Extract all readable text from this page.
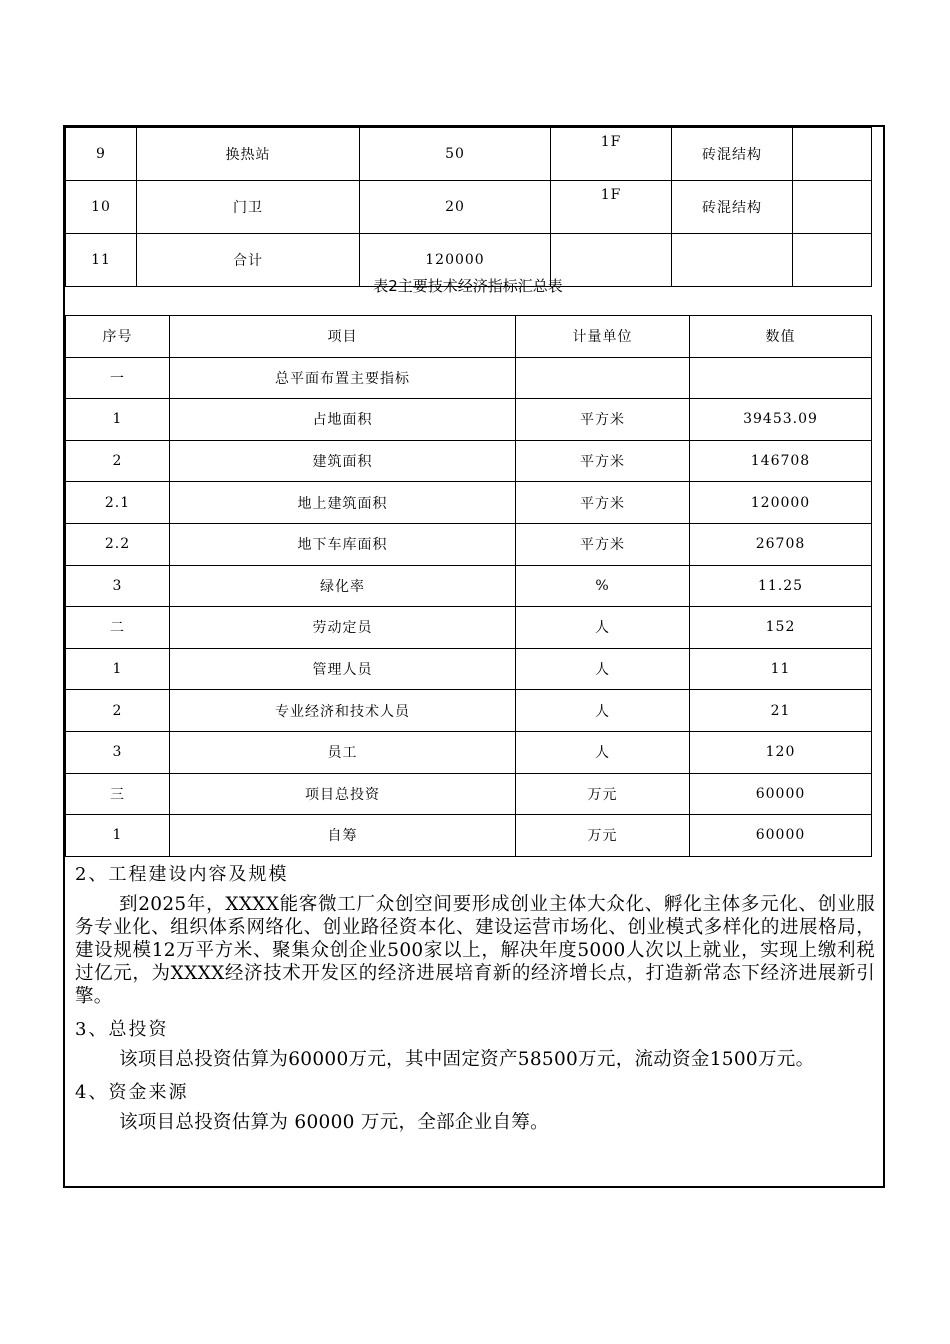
9	换热站	50	1F	砖混结构	
10	门卫	20	1F	砖混结构	
11	合计	120000			
表2主要技术经济指标汇总表
序号	项目	计量单位	数值
一	总平面布置主要指标		
1	占地面积	平方米	39453.09
2	建筑面积	平方米	146708
2.1	地上建筑面积	平方米	120000
2.2	地下车库面积	平方米	26708
3	绿化率	%	11.25
二	劳动定员	人	152
1	管理人员	人	11
2	专业经济和技术人员	人	21
3	员工	人	120
三	项目总投资	万元	60000
1	自筹	万元	60000
2、工程建设内容及规模

到2025年，XXXX能客微工厂众创空间要形成创业主体大众化、孵化主体多元化、创业服务专业化、组织体系网络化、创业路径资本化、建设运营市场化、创业模式多样化的进展格局，建设规模12万平方米、聚集众创企业500家以上，解决年度5000人次以上就业，实现上缴利税过亿元，为XXXX经济技术开发区的经济进展培育新的经济增长点，打造新常态下经济进展新引擎。

3、总投资

该项目总投资估算为60000万元，其中固定资产58500万元，流动资金1500万元。

4、资金来源

该项目总投资估算为 60000 万元，全部企业自筹。
